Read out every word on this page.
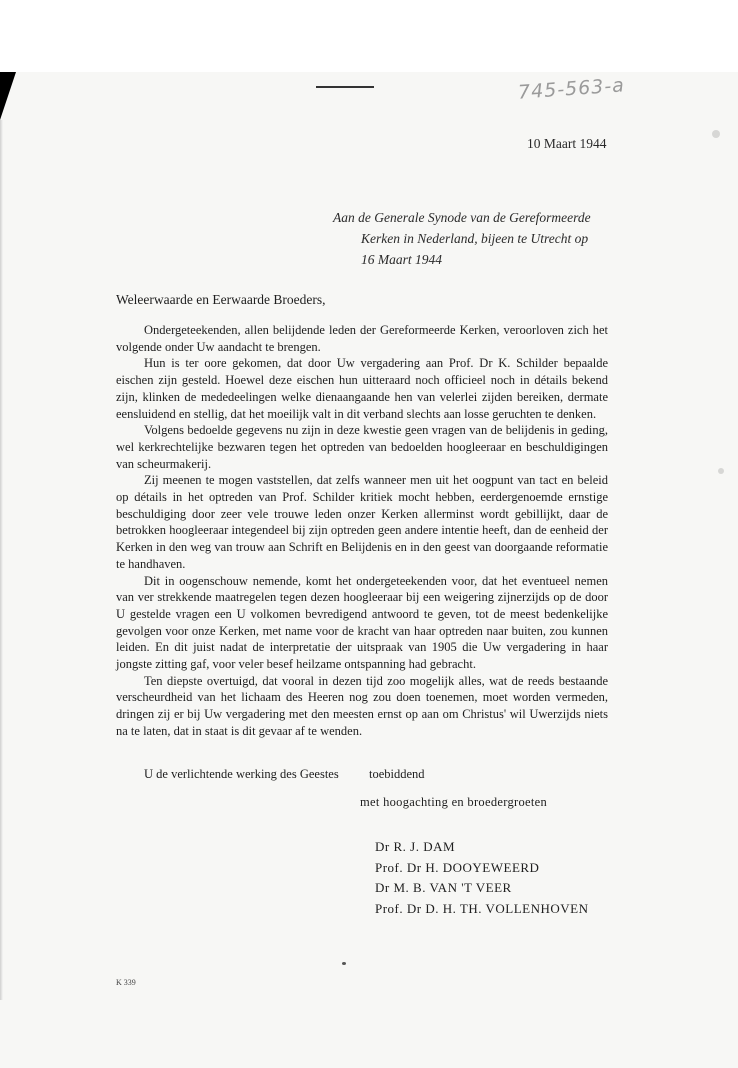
745-563-a
10 Maart 1944
Aan de Generale Synode van de Gereformeerde
Kerken in Nederland, bijeen te Utrecht op
16 Maart 1944
Weleerwaarde en Eerwaarde Broeders,

Ondergeteekenden, allen belijdende leden der Gereformeerde Kerken, veroorloven zich het volgende onder Uw aandacht te brengen.

Hun is ter oore gekomen, dat door Uw vergadering aan Prof. Dr K. Schilder bepaalde eischen zijn gesteld. Hoewel deze eischen hun uitteraard noch officieel noch in détails bekend zijn, klinken de mededeelingen welke dienaangaande hen van velerlei zijden bereiken, dermate eensluidend en stellig, dat het moeilijk valt in dit verband slechts aan losse geruchten te denken.

Volgens bedoelde gegevens nu zijn in deze kwestie geen vragen van de belijdenis in geding, wel kerkrechtelijke bezwaren tegen het optreden van bedoelden hoogleeraar en beschuldigingen van scheurmakerij.

Zij meenen te mogen vaststellen, dat zelfs wanneer men uit het oogpunt van tact en beleid op détails in het optreden van Prof. Schilder kritiek mocht hebben, eerdergenoemde ernstige beschuldiging door zeer vele trouwe leden onzer Kerken allerminst wordt gebillijkt, daar de betrokken hoogleeraar integendeel bij zijn optreden geen andere intentie heeft, dan de eenheid der Kerken in den weg van trouw aan Schrift en Belijdenis en in den geest van doorgaande reformatie te handhaven.

Dit in oogenschouw nemende, komt het ondergeteekenden voor, dat het eventueel nemen van ver strekkende maatregelen tegen dezen hoogleeraar bij een weigering zijnerzijds op de door U gestelde vragen een U volkomen bevredigend antwoord te geven, tot de meest bedenkelijke gevolgen voor onze Kerken, met name voor de kracht van haar optreden naar buiten, zou kunnen leiden. En dit juist nadat de interpretatie der uitspraak van 1905 die Uw vergadering in haar jongste zitting gaf, voor veler besef heilzame ontspanning had gebracht.

Ten diepste overtuigd, dat vooral in dezen tijd zoo mogelijk alles, wat de reeds bestaande verscheurdheid van het lichaam des Heeren nog zou doen toenemen, moet worden vermeden, dringen zij er bij Uw vergadering met den meesten ernst op aan om Christus' wil Uwerzijds niets na te laten, dat in staat is dit gevaar af te wenden.

U de verlichtende werking des Geestes toebiddend
met hoogachting en broedergroeten
Dr R. J. DAM
Prof. Dr H. DOOYEWEERD
Dr M. B. VAN 'T VEER
Prof. Dr D. H. TH. VOLLENHOVEN
K 339
